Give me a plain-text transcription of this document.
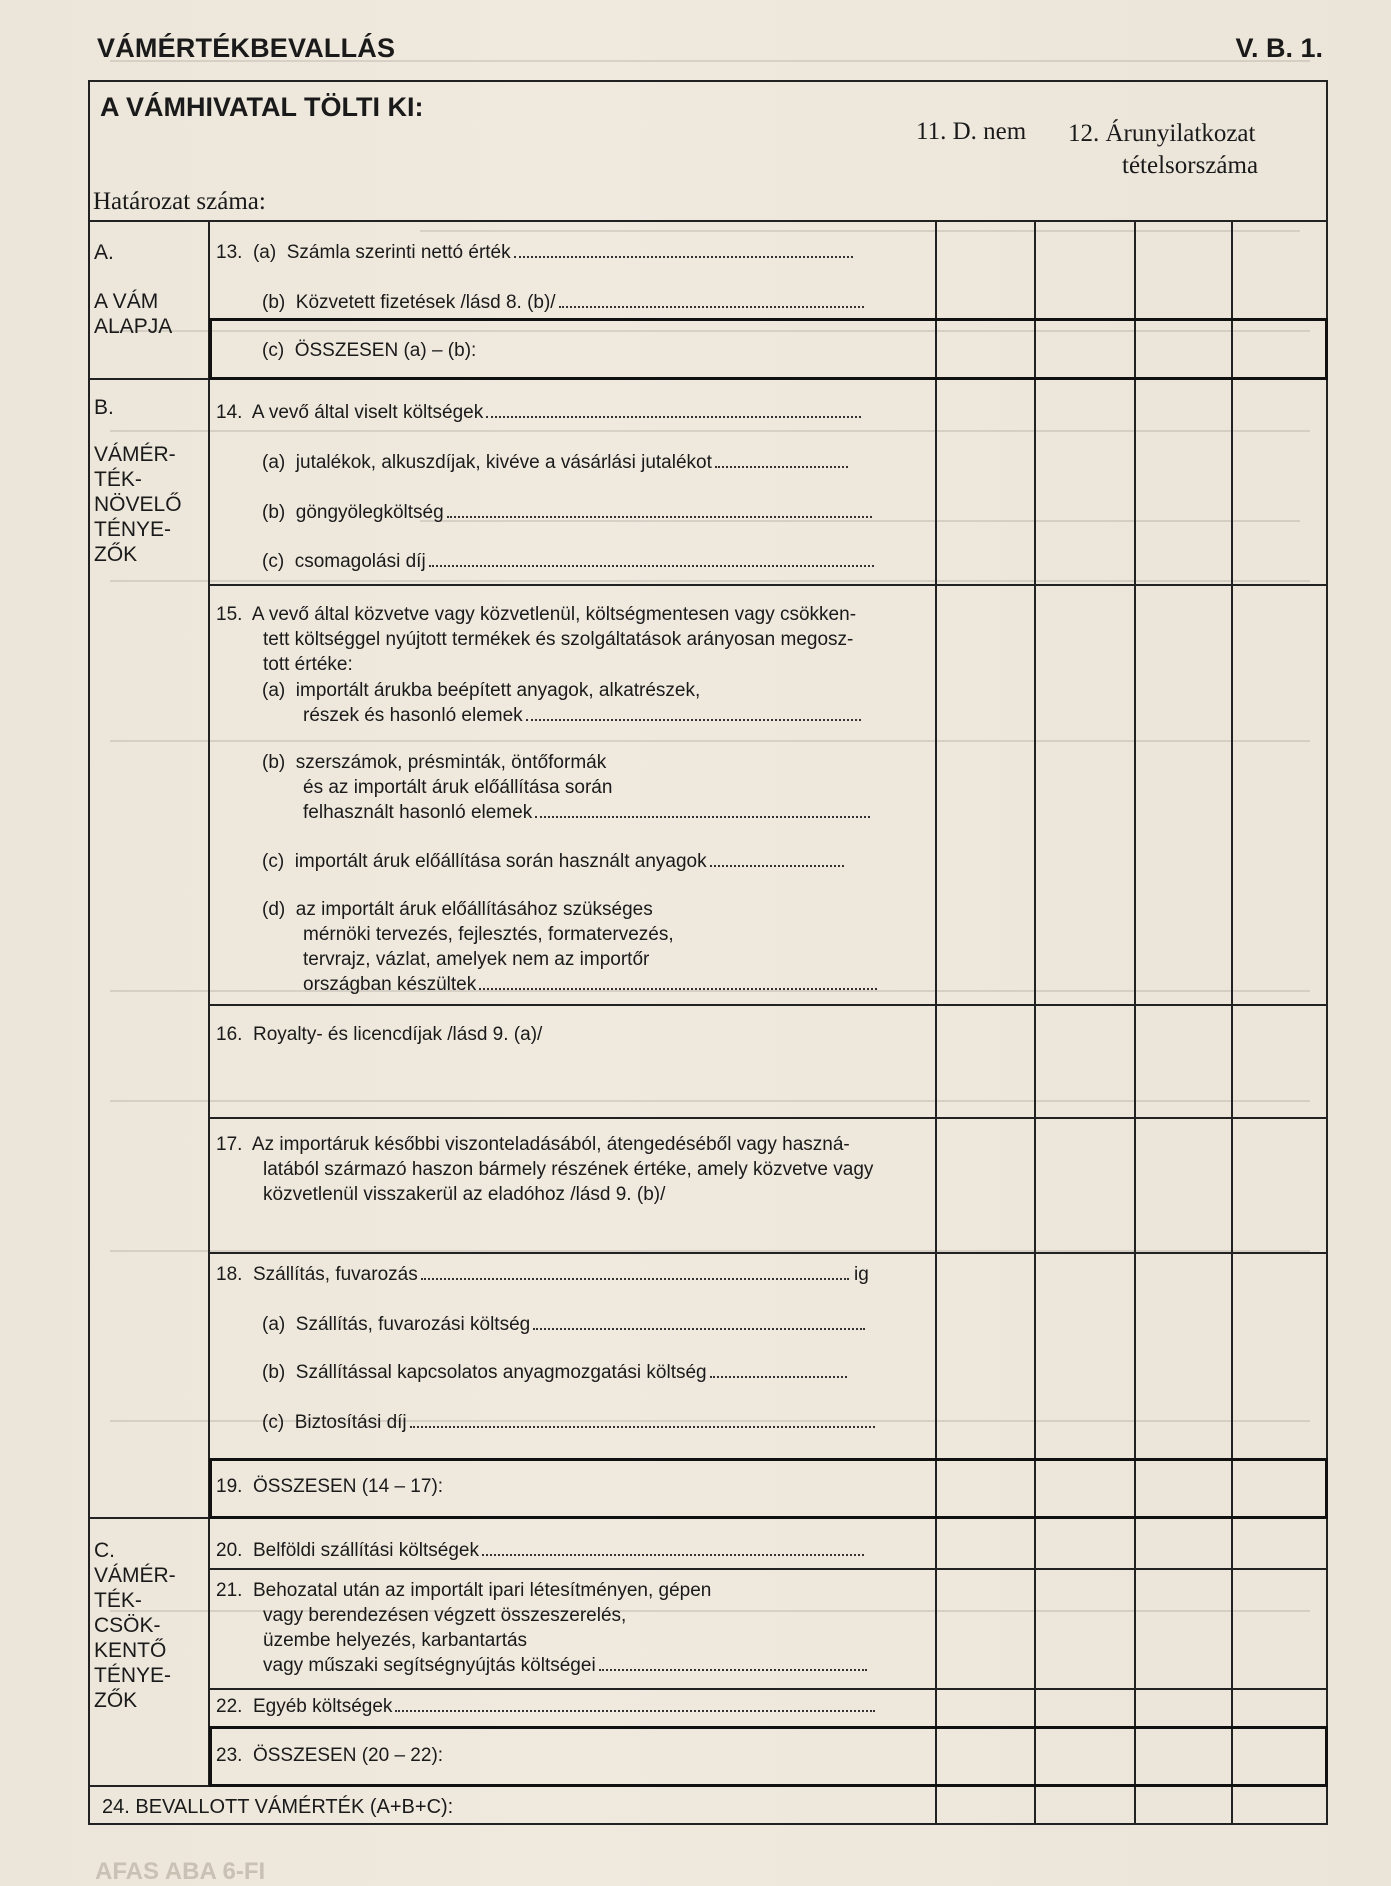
VÁMÉRTÉKBEVALLÁS	V. B. 1.
A VÁMHIVATAL TÖLTI KI:
Határozat száma:
11. D. nem 12. Árunyilatkozat
tételsorszáma
A.
A VÁM
ALAPJA
B.
VÁMÉR-
TÉK-
NÖVELŐ
TÉNYE-
ZŐK
C.
VÁMÉR-
TÉK-
CSÖK-
KENTŐ
TÉNYE-
ZŐK
13.  (a)  Számla szerinti nettó érték
(b)  Közvetett fizetések /lásd 8. (b)/
(c)  ÖSSZESEN (a) – (b):
14.  A vevő által viselt költségek
(a)  jutalékok, alkuszdíjak, kivéve a vásárlási jutalékot
(b)  göngyölegköltség
(c)  csomagolási díj
15.  A vevő által közvetve vagy közvetlenül, költségmentesen vagy csökken-
tett költséggel nyújtott termékek és szolgáltatások arányosan megosz-
tott értéke:
(a)  importált árukba beépített anyagok, alkatrészek,
részek és hasonló elemek
(b)  szerszámok, présminták, öntőformák
és az importált áruk előállítása során
felhasznált hasonló elemek
(c)  importált áruk előállítása során használt anyagok
(d)  az importált áruk előállításához szükséges
mérnöki tervezés, fejlesztés, formatervezés,
tervrajz, vázlat, amelyek nem az importőr
országban készültek
16.  Royalty- és licencdíjak /lásd 9. (a)/
17.  Az importáruk későbbi viszonteladásából, átengedéséből vagy haszná-
latából származó haszon bármely részének értéke, amely közvetve vagy
közvetlenül visszakerül az eladóhoz /lásd 9. (b)/
18.  Szállítás, fuvarozás	ig
(a)  Szállítás, fuvarozási költség
(b)  Szállítással kapcsolatos anyagmozgatási költség
(c)  Biztosítási díj
19.  ÖSSZESEN (14 – 17):
20.  Belföldi szállítási költségek
21.  Behozatal után az importált ipari létesítményen, gépen
vagy berendezésen végzett összeszerelés,
üzembe helyezés, karbantartás
vagy műszaki segítségnyújtás költségei
22.  Egyéb költségek
23.  ÖSSZESEN (20 – 22):
24. BEVALLOTT VÁMÉRTÉK (A+B+C):
AFAS ABA 6-FI
